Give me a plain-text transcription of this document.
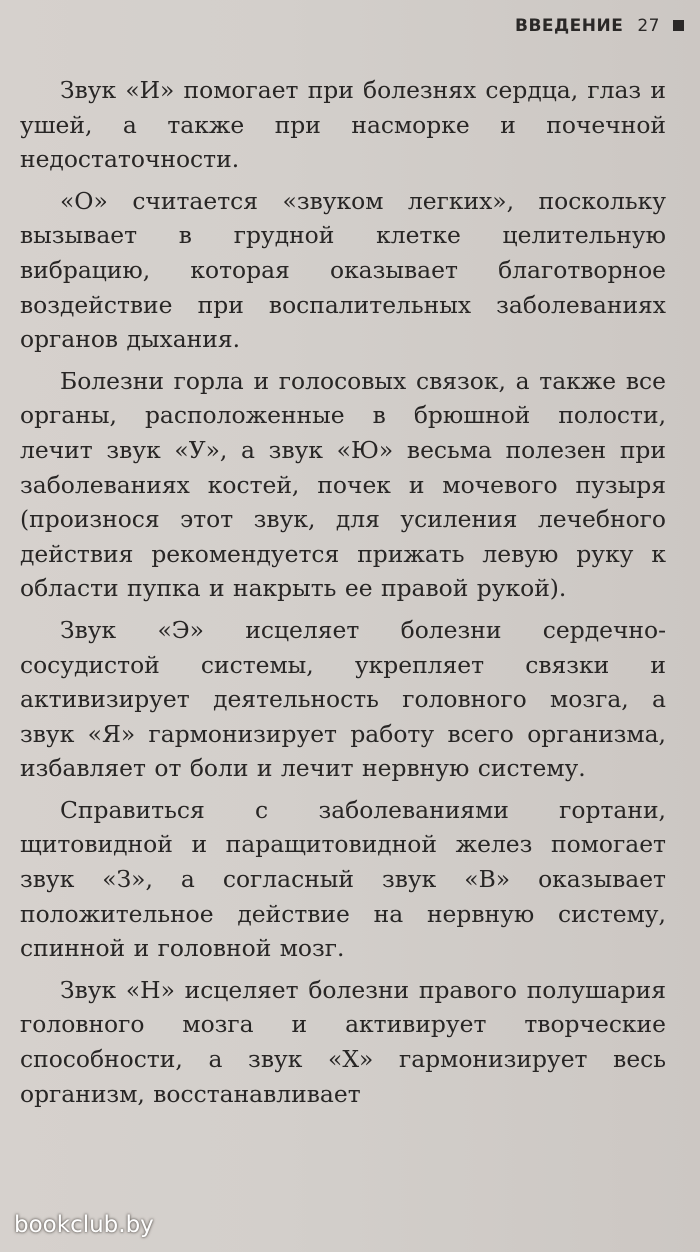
ВВЕДЕНИЕ 27

Звук «И» помогает при болезнях сердца, глаз и ушей, а также при насморке и почечной недостаточности.

«О» считается «звуком легких», поскольку вызывает в грудной клетке целительную вибрацию, которая оказывает благотворное воздействие при воспалительных заболеваниях органов дыхания.

Болезни горла и голосовых связок, а также все органы, расположенные в брюшной полости, лечит звук «У», а звук «Ю» весьма полезен при заболеваниях костей, почек и мочевого пузыря (произнося этот звук, для усиления лечебного действия рекомендуется прижать левую руку к области пупка и накрыть ее правой рукой).

Звук «Э» исцеляет болезни сердечно-сосудистой системы, укрепляет связки и активизирует деятельность головного мозга, а звук «Я» гармонизирует работу всего организма, избавляет от боли и лечит нервную систему.

Справиться с заболеваниями гортани, щитовидной и паращитовидной желез помогает звук «З», а согласный звук «В» оказывает положительное действие на нервную систему, спинной и головной мозг.

Звук «Н» исцеляет болезни правого полушария головного мозга и активирует творческие способности, а звук «Х» гармонизирует весь организм, восстанавливает

bookclub.by
